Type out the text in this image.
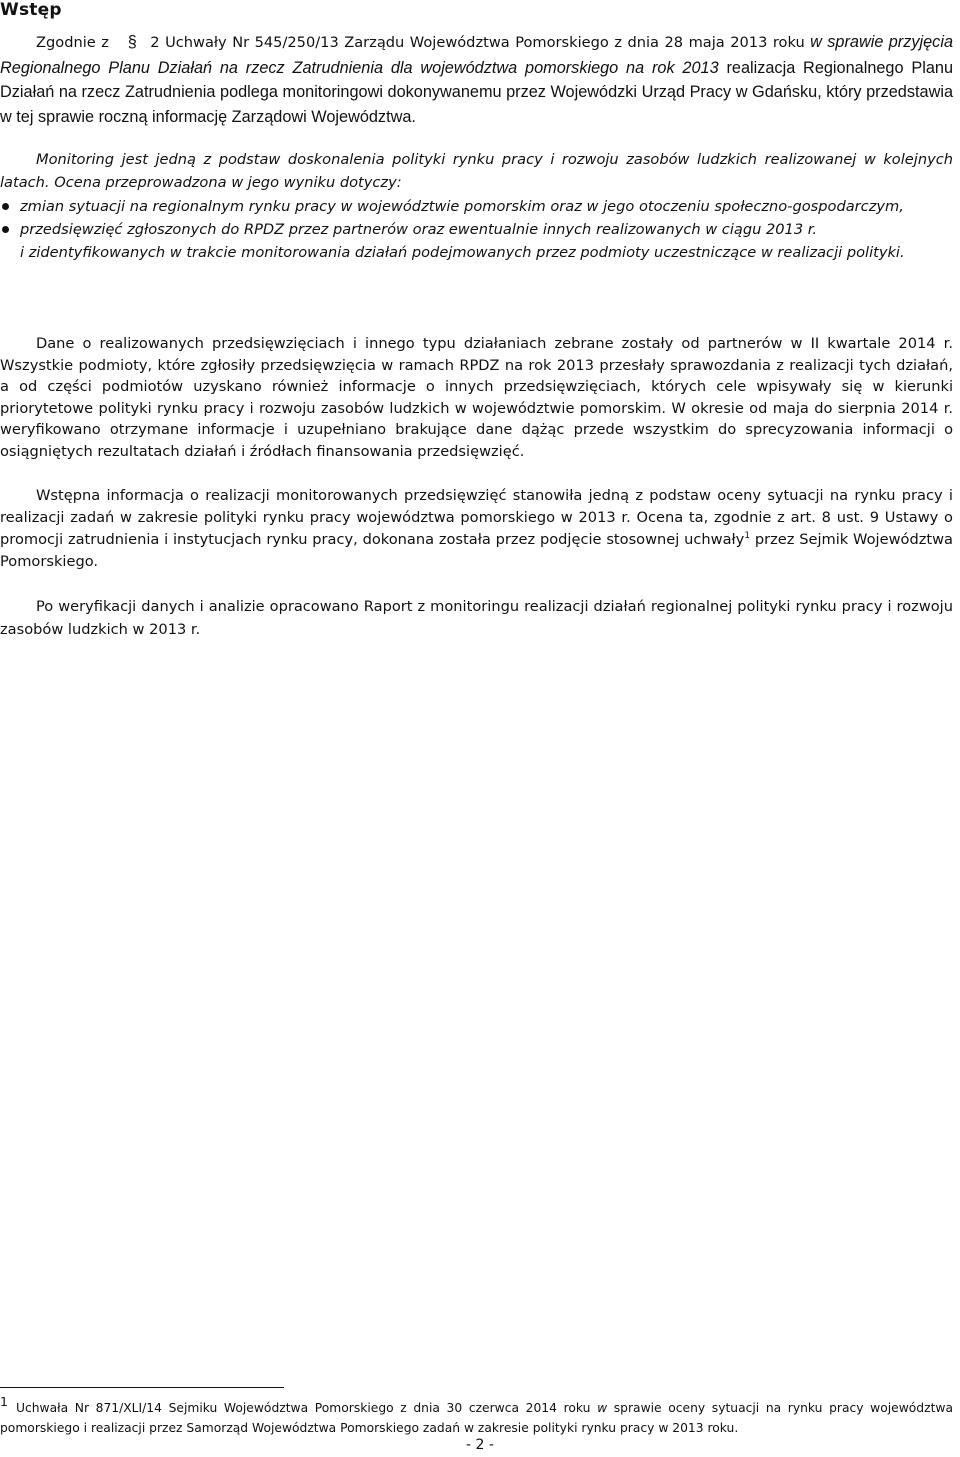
Wstęp

Zgodnie z § 2 Uchwały Nr 545/250/13 Zarządu Województwa Pomorskiego z dnia 28 maja 2013 roku w sprawie przyjęcia Regionalnego Planu Działań na rzecz Zatrudnienia dla województwa pomorskiego na rok 2013 realizacja Regionalnego Planu Działań na rzecz Zatrudnienia podlega monitoringowi dokonywanemu przez Wojewódzki Urząd Pracy w Gdańsku, który przedstawia w tej sprawie roczną informację Zarządowi Województwa.

Monitoring jest jedną z podstaw doskonalenia polityki rynku pracy i rozwoju zasobów ludzkich realizowanej w kolejnych latach. Ocena przeprowadzona w jego wyniku dotyczy:

zmian sytuacji na regionalnym rynku pracy w województwie pomorskim oraz w jego otoczeniu społeczno-gospodarczym,
przedsięwzięć zgłoszonych do RPDZ przez partnerów oraz ewentualnie innych realizowanych w ciągu 2013 r.
i zidentyfikowanych w trakcie monitorowania działań podejmowanych przez podmioty uczestniczące w realizacji polityki.

Dane o realizowanych przedsięwzięciach i innego typu działaniach zebrane zostały od partnerów w II kwartale 2014 r. Wszystkie podmioty, które zgłosiły przedsięwzięcia w ramach RPDZ na rok 2013 przesłały sprawozdania z realizacji tych działań, a od części podmiotów uzyskano również informacje o innych przedsięwzięciach, których cele wpisywały się w kierunki priorytetowe polityki rynku pracy i rozwoju zasobów ludzkich w województwie pomorskim. W okresie od maja do sierpnia 2014 r. weryfikowano otrzymane informacje i uzupełniano brakujące dane dążąc przede wszystkim do sprecyzowania informacji o osiągniętych rezultatach działań i źródłach finansowania przedsięwzięć.

Wstępna informacja o realizacji monitorowanych przedsięwzięć stanowiła jedną z podstaw oceny sytuacji na rynku pracy i realizacji zadań w zakresie polityki rynku pracy województwa pomorskiego w 2013 r. Ocena ta, zgodnie z art. 8 ust. 9 Ustawy o promocji zatrudnienia i instytucjach rynku pracy, dokonana została przez podjęcie stosownej uchwały$^1$ przez Sejmik Województwa Pomorskiego.

Po weryfikacji danych i analizie opracowano Raport z monitoringu realizacji działań regionalnej polityki rynku pracy i rozwoju zasobów ludzkich w 2013 r.

1 Uchwała Nr 871/XLI/14 Sejmiku Województwa Pomorskiego z dnia 30 czerwca 2014 roku w sprawie oceny sytuacji na rynku pracy województwa pomorskiego i realizacji przez Samorząd Województwa Pomorskiego zadań w zakresie polityki rynku pracy w 2013 roku.

- 2 -
